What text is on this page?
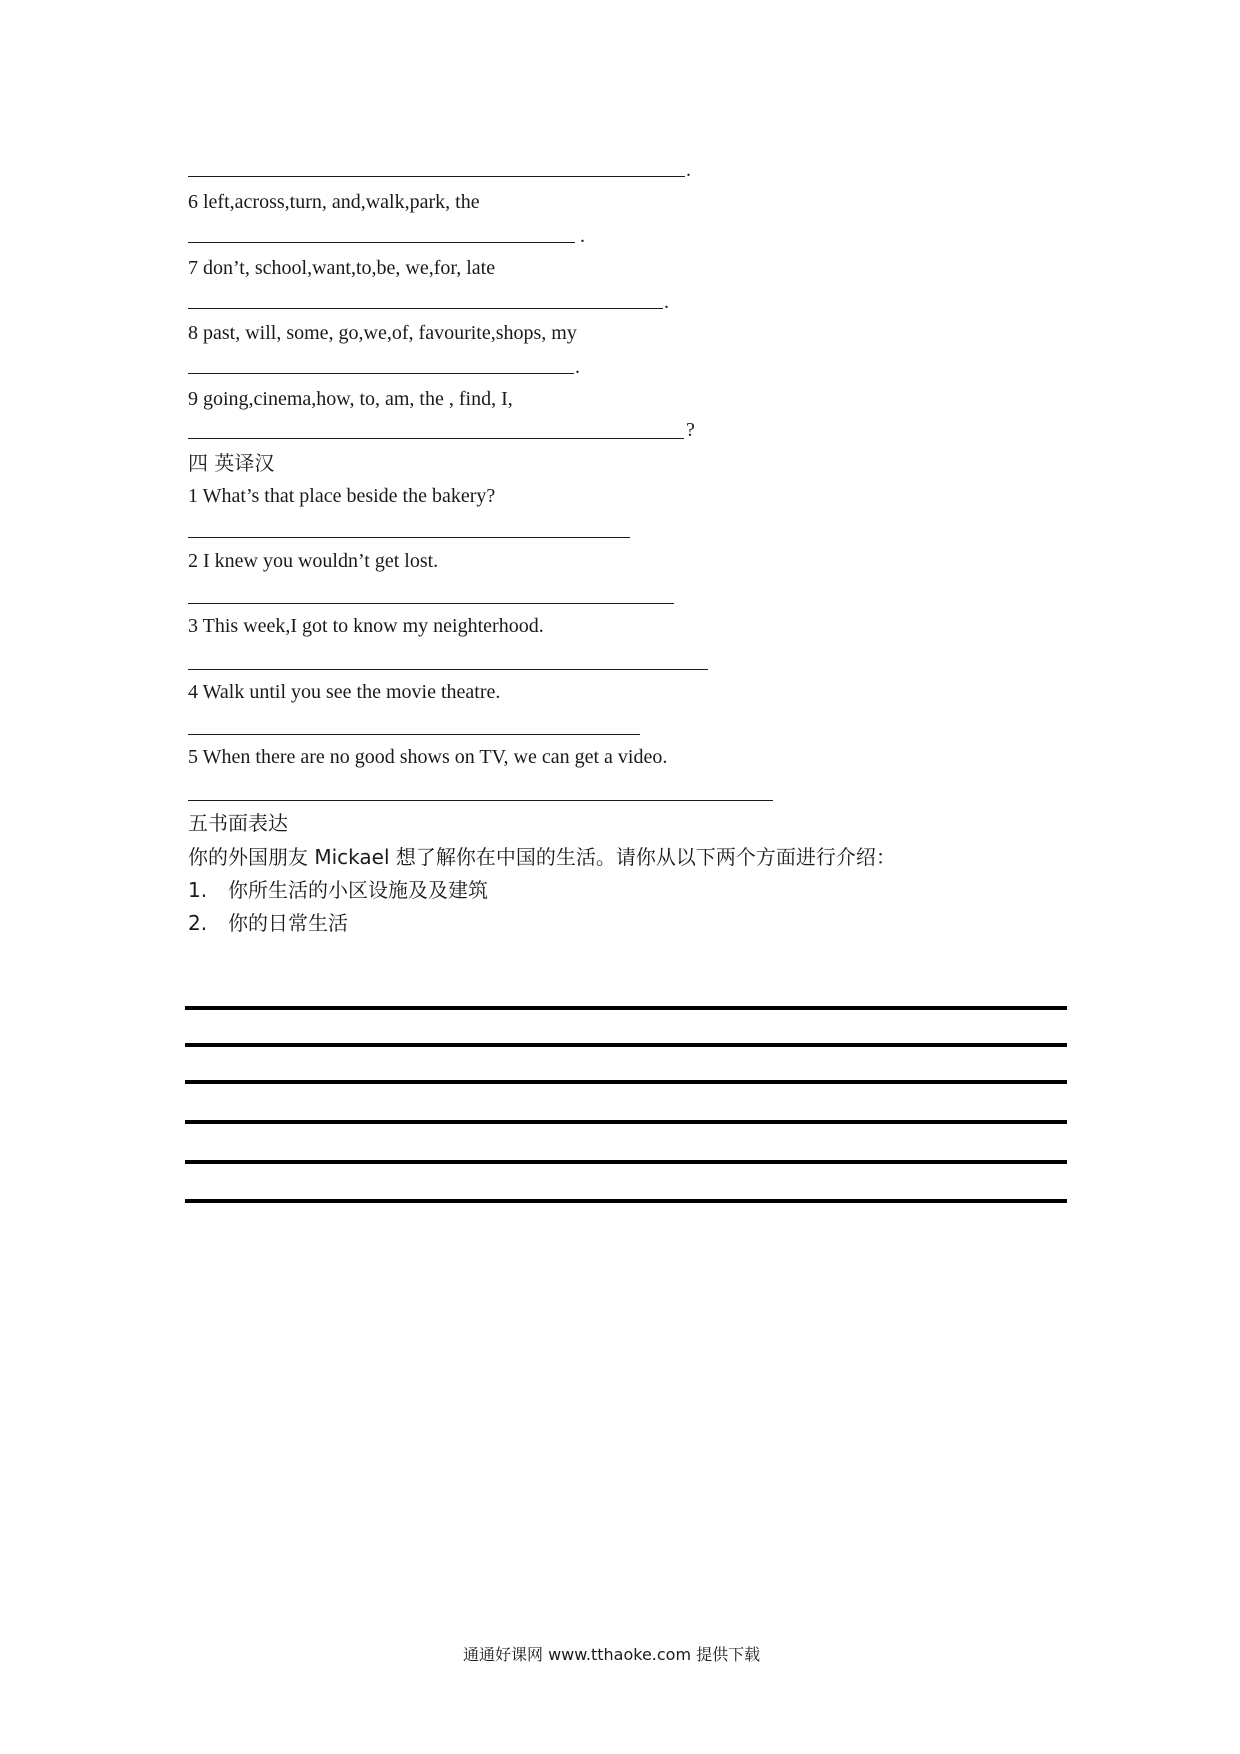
.
6 left,across,turn, and,walk,park, the
.
7 don’t, school,want,to,be, we,for, late
.
8 past, will, some, go,we,of, favourite,shops, my
.
9 going,cinema,how, to, am, the , find, I,
?
四 英译汉
1 What’s that place beside the bakery?
2 I knew you wouldn’t get lost.
3 This week,I got to know my neighterhood.
4 Walk until you see the movie theatre.
5 When there are no good shows on TV, we can get a video.
五书面表达
你的外国朋友 Mickael 想了解你在中国的生活。请你从以下两个方面进行介绍：
1. 你所生活的小区设施及及建筑
2. 你的日常生活
通通好课网 www.tthaoke.com 提供下载
